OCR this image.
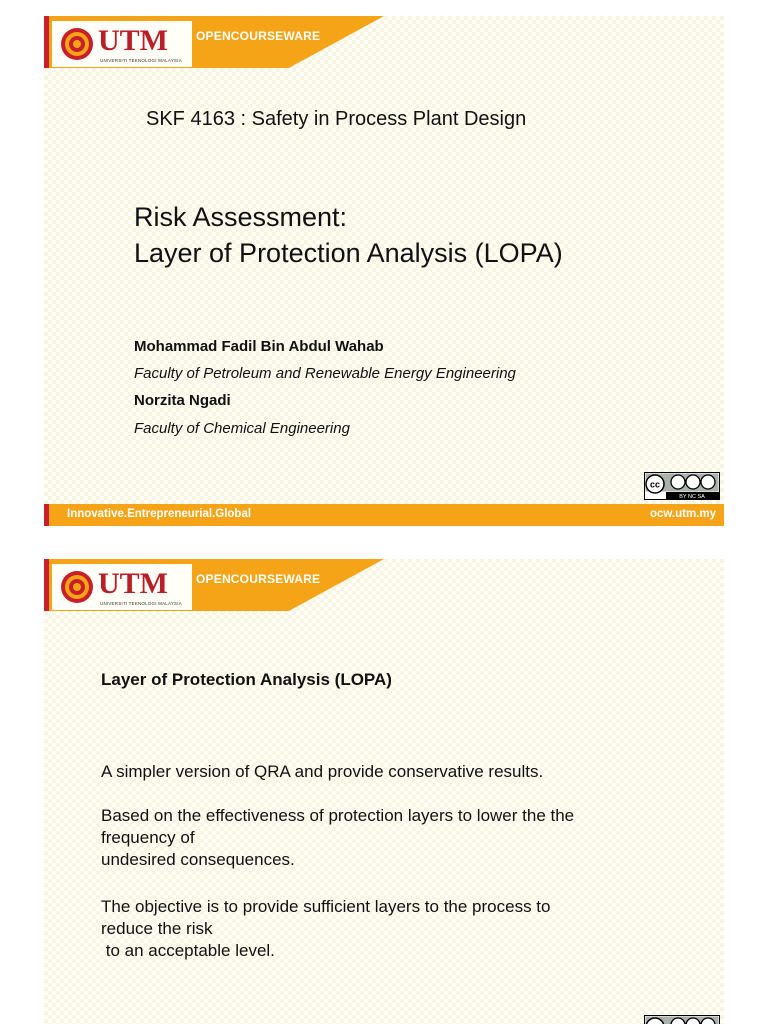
UTM
UNIVERSITI TEKNOLOGI MALAYSIA
OPENCOURSEWARE
SKF 4163 : Safety in Process Plant Design
Risk Assessment:
Layer of Protection Analysis (LOPA)
Mohammad Fadil Bin Abdul Wahab
Faculty of Petroleum and Renewable Energy Engineering
Norzita Ngadi
Faculty of Chemical Engineering
cc
BY NC SA
Innovative.Entrepreneurial.Global	ocw.utm.my
UTM
UNIVERSITI TEKNOLOGI MALAYSIA
OPENCOURSEWARE
Layer of Protection Analysis (LOPA)
A simpler version of QRA and provide conservative results.
Based on the effectiveness of protection layers to lower the the
frequency of
undesired consequences.
The objective is to provide sufficient layers to the process to
reduce the risk
to an acceptable level.
